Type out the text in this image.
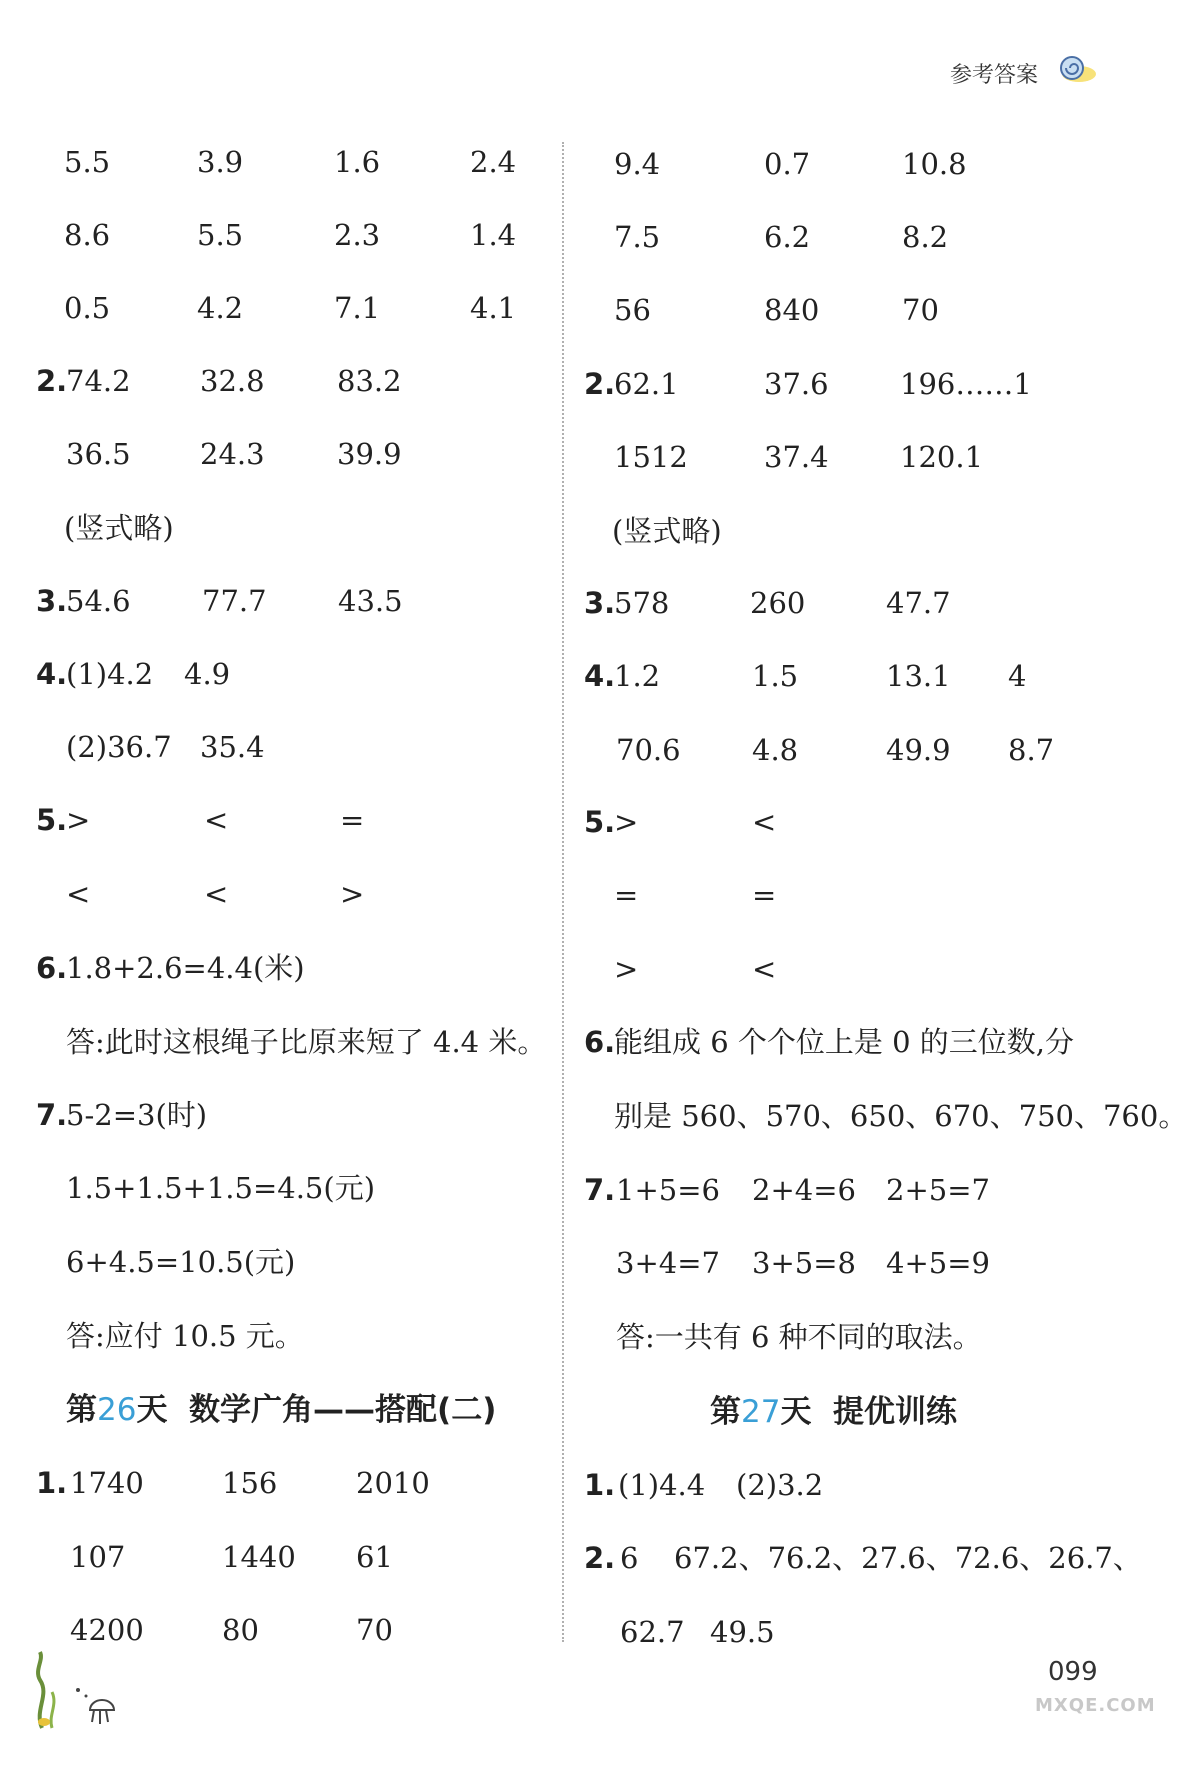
参考答案
5.5	3.9	1.6	2.4
8.6	5.5	2.3	1.4
0.5	4.2	7.1	4.1
2.
74.2 32.8 83.2
36.5 24.3 39.9
(竖式略)
3.
54.6 77.7 43.5
4.
(1)4.2 4.9
(2)36.7 35.4
5.
>	<	=
<	<	>
6.
1.8+2.6=4.4(米)
答:此时这根绳子比原来短了 4.4 米。
7.
5-2=3(时)
1.5+1.5+1.5=4.5(元)
6+4.5=10.5(元)
答:应付 10.5 元。
第26天 数学广角——搭配(二)
1. 1740	156	2010
107	1440 61
4200	80	70
9.4	0.7	10.8
7.5	6.2	8.2
56	840	70
2.
62.1	37.6 196……1
1512	37.4 120.1
(竖式略)
3.
578	260	47.7
4.
1.2	1.5	13.1 4
70.6 4.8	49.9 8.7
5.
>	<
=	=
>	<
6.
能组成 6 个个位上是 0 的三位数,分
别是 560、570、650、670、750、760。
7. 1+5=6 2+4=6 2+5=7
3+4=7 3+5=8 4+5=9
答:一共有 6 种不同的取法。
第27天 提优训练
1. (1)4.4 (2)3.2
2. 6 67.2、76.2、27.6、72.6、26.7、
62.7 49.5
099
MXQE.COM
